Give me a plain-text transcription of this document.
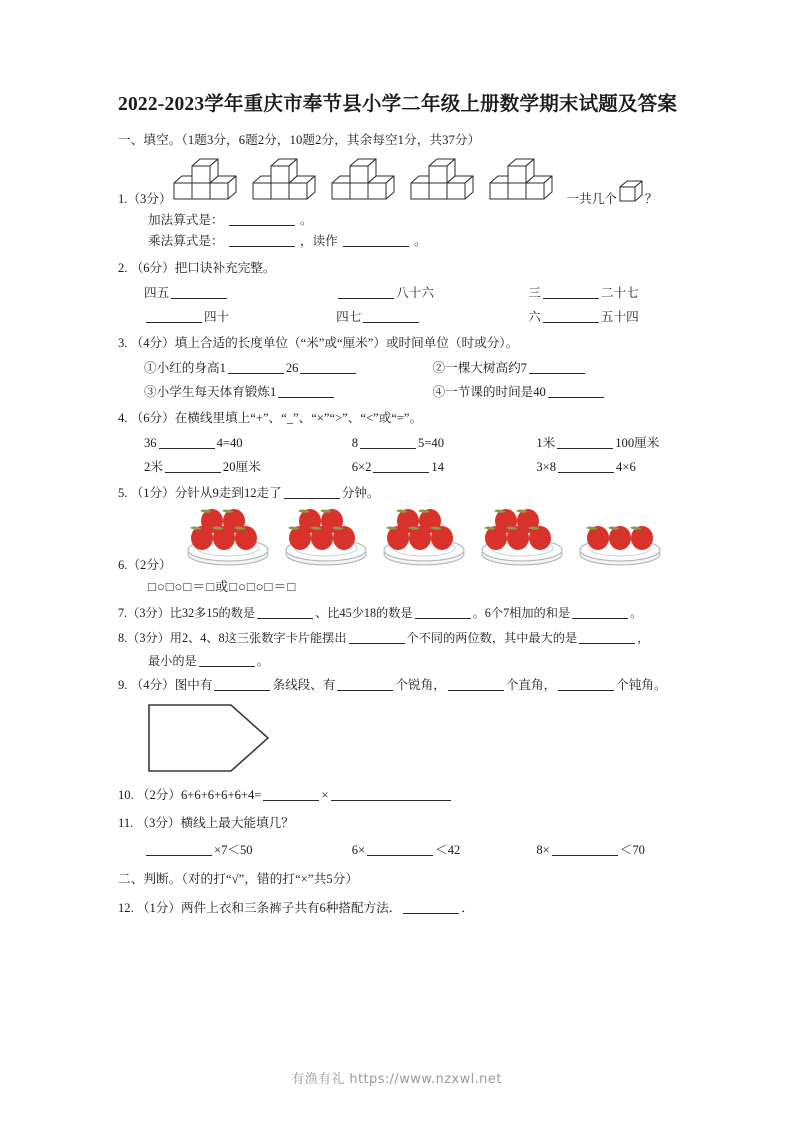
2022-2023学年重庆市奉节县小学二年级上册数学期末试题及答案
一、填空。（1题3分，6题2分，10题2分，其余每空1分，共37分）
1. （3分）	一共几个 ？
加法算式是：	。
乘法算式是：	，读作	。
2. （6分）把口诀补充完整。
四五	八十六	三	二十七
四十	四七	六	五十四
3. （4分）填上合适的长度单位（“米”或“厘米”）或时间单位（时或分）。
①小红的身高1	26	②一棵大树高约7
③小学生每天体育锻炼1	④一节课的时间是40
4. （6分）在横线里填上“+”、“_”、“×”“>”、“<”或“=”。
36	4=40	8	5=40	1米	100厘米
2米	20厘米	6×2	14	3×8	4×6
5. （1分）分针从9走到12走了	分钟。
6. （2分）
□○□○□＝□或□○□○□＝□
7.（3分）比32多15的数是	、比45少18的数是	。6个7相加的和是	。
8.（3分）用2、4、8这三张数字卡片能摆出	个不同的两位数，其中最大的是	，
最小的是	。
9. （4分）图中有	条线段、有	个锐角，	个直角，	个钝角。
10. （2分）6+6+6+6+6+4=	×
11. （3分）横线上最大能填几？
×7＜50	6×	＜42	8×	＜70
二、判断。（对的打“√”，错的打“×”共5分）
12. （1分）两件上衣和三条裤子共有6种搭配方法．	．
有渔有礼 https://www.nzxwl.net
